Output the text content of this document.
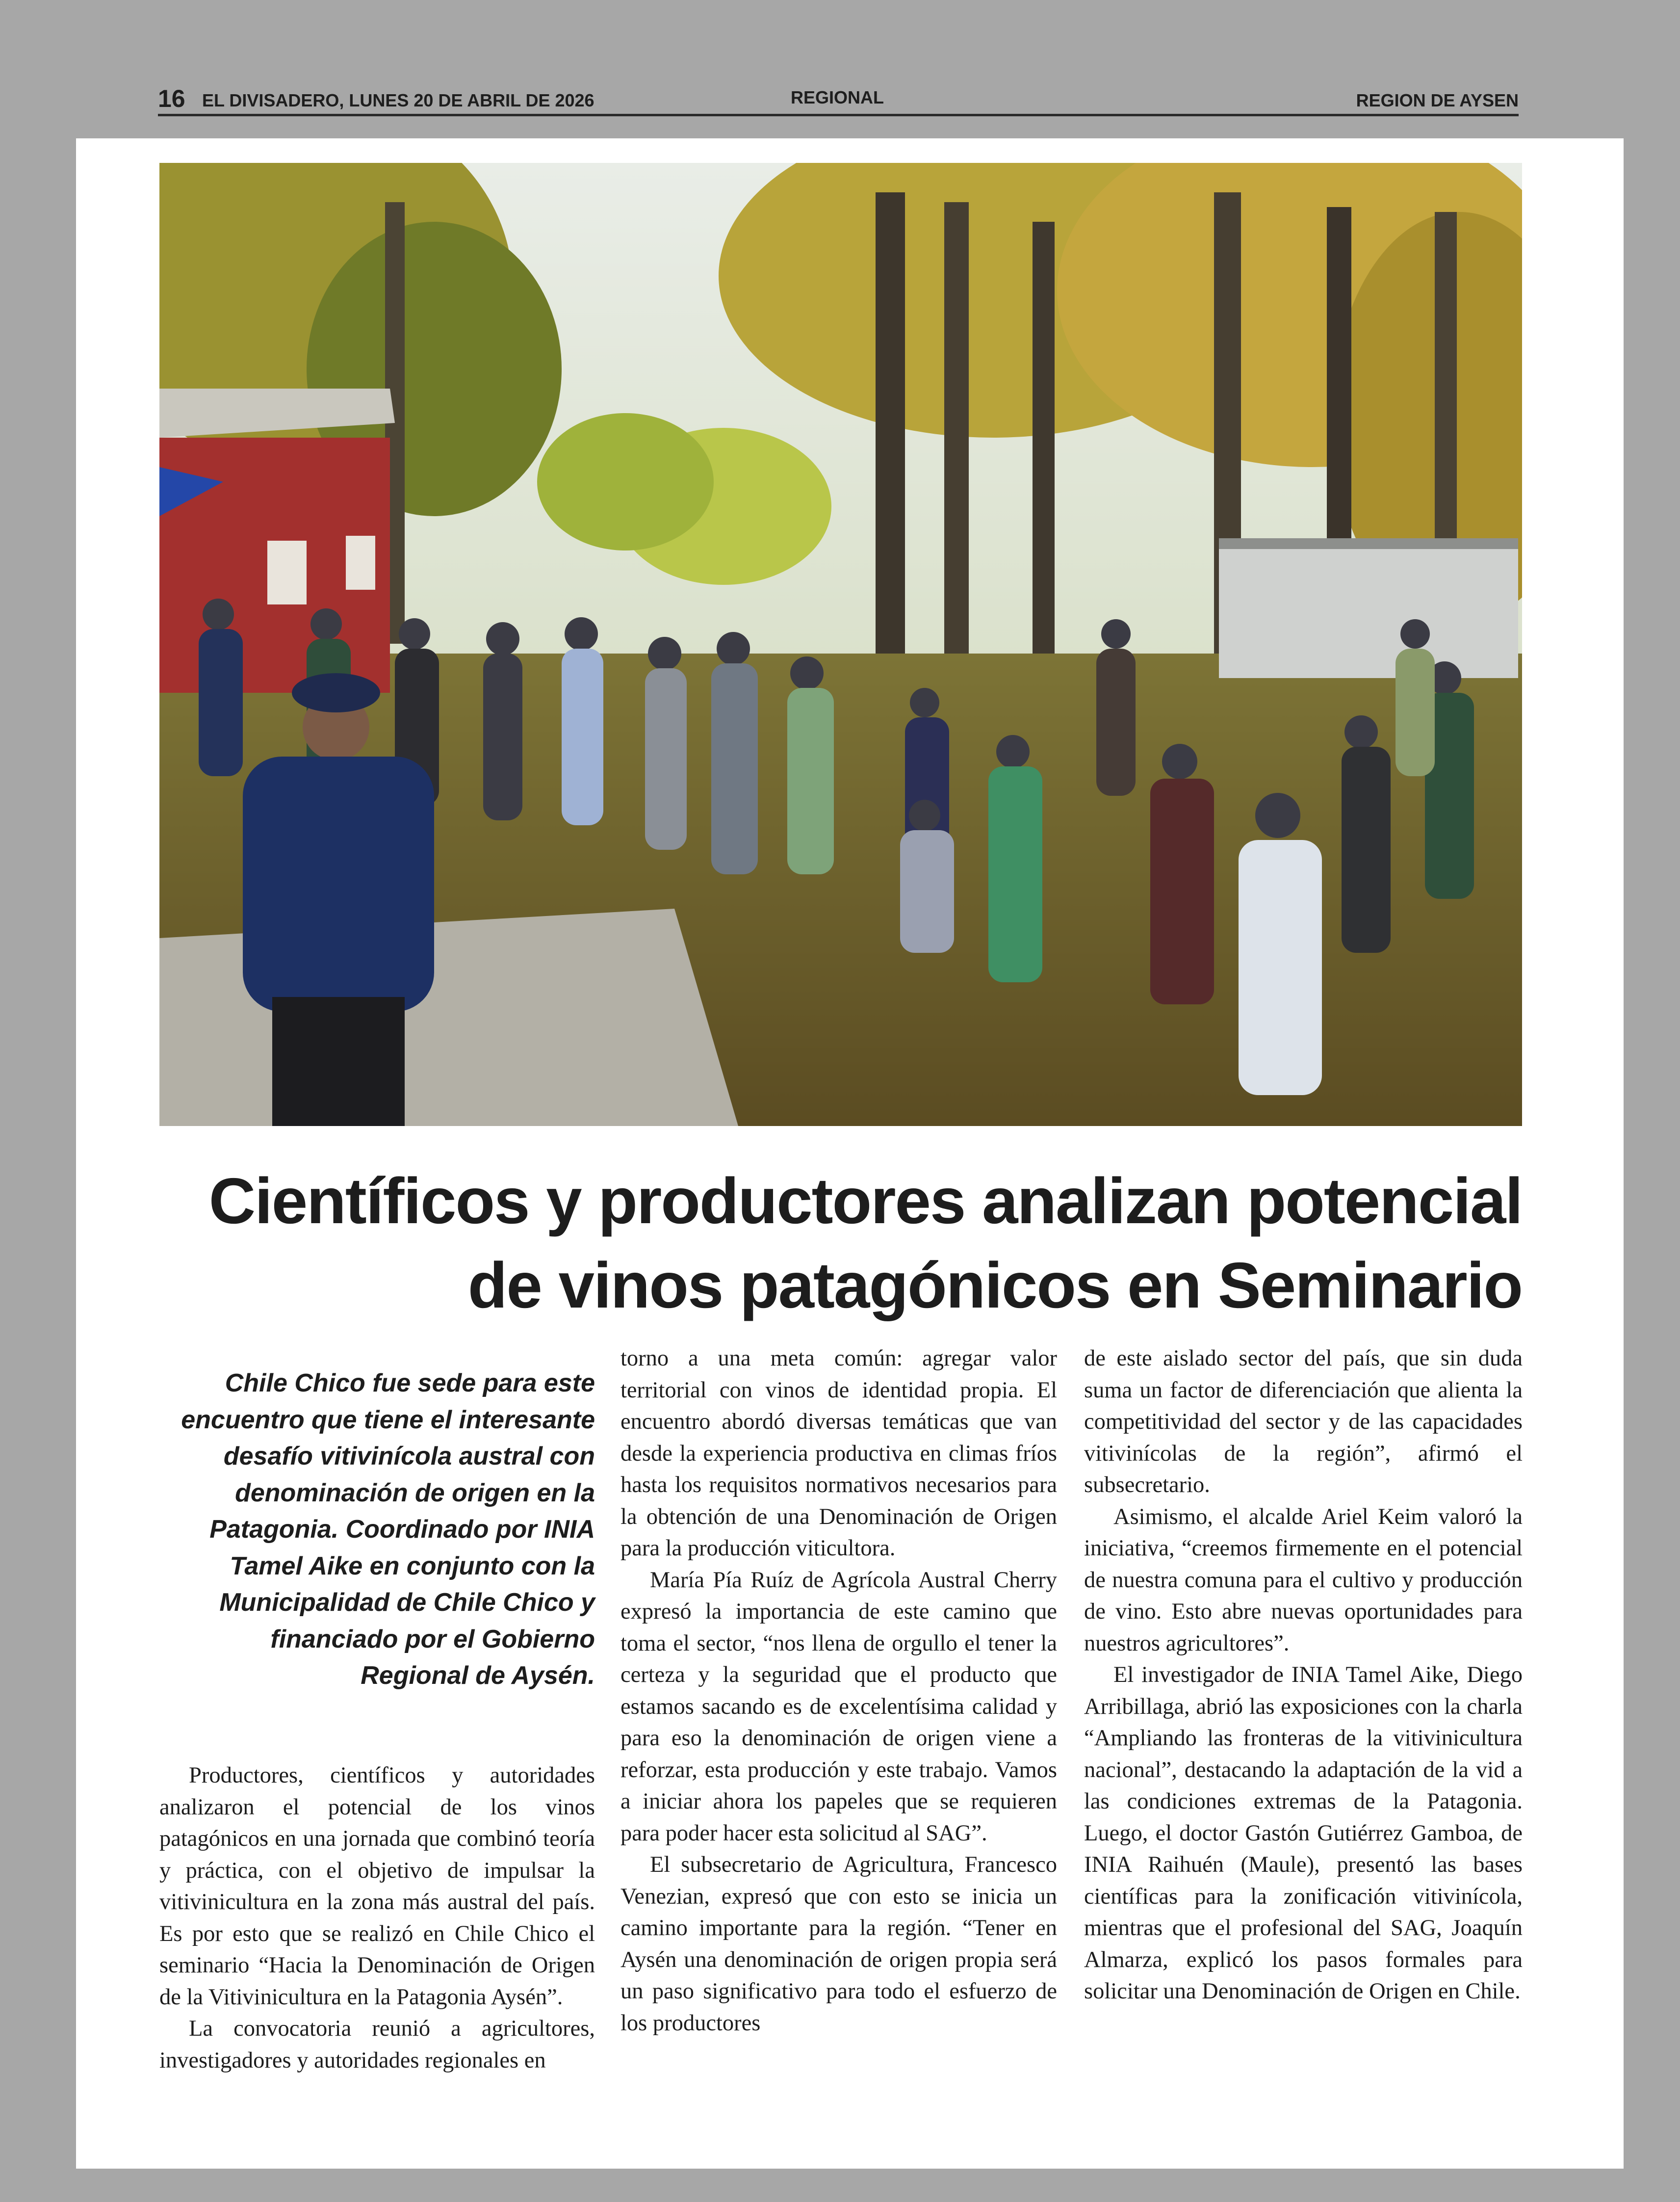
16 EL DIVISADERO, LUNES 20 DE ABRIL DE 2026	REGIONAL	REGION DE AYSEN
Científicos y productores analizan potencial
de vinos patagónicos en Seminario
Chile Chico fue sede para este encuentro que tiene el interesante desafío vitivinícola austral con denominación de origen en la Patagonia. Coordinado por INIA Tamel Aike en conjunto con la Municipalidad de Chile Chico y financiado por el Gobierno Regional de Aysén.

Productores, científicos y autoridades analizaron el potencial de los vinos patagónicos en una jornada que combinó teoría y práctica, con el objetivo de impulsar la vitivinicultura en la zona más austral del país. Es por esto que se realizó en Chile Chico el seminario “Hacia la Denominación de Origen de la Vitivinicultura en la Patagonia Aysén”.

La convocatoria reunió a agricultores, investigadores y autoridades regionales en

torno a una meta común: agregar valor territorial con vinos de identidad propia. El encuentro abordó diversas temáticas que van desde la experiencia productiva en climas fríos hasta los requisitos normativos necesarios para la obtención de una Denominación de Origen para la producción viticultora.

María Pía Ruíz de Agrícola Austral Cherry expresó la importancia de este camino que toma el sector, “nos llena de orgullo el tener la certeza y la seguridad que el producto que estamos sacando es de excelentísima calidad y para eso la denominación de origen viene a reforzar, esta producción y este trabajo. Vamos a iniciar ahora los papeles que se requieren para poder hacer esta solicitud al SAG”.

El subsecretario de Agricultura, Francesco Venezian, expresó que con esto se inicia un camino importante para la región. “Tener en Aysén una denominación de origen propia será un paso significativo para todo el esfuerzo de los productores

de este aislado sector del país, que sin duda suma un factor de diferenciación que alienta la competitividad del sector y de las capacidades vitivinícolas de la región”, afirmó el subsecretario.

Asimismo, el alcalde Ariel Keim valoró la iniciativa, “creemos firmemente en el potencial de nuestra comuna para el cultivo y producción de vino. Esto abre nuevas oportunidades para nuestros agricultores”.

El investigador de INIA Tamel Aike, Diego Arribillaga, abrió las exposiciones con la charla “Ampliando las fronteras de la vitivinicultura nacional”, destacando la adaptación de la vid a las condiciones extremas de la Patagonia. Luego, el doctor Gastón Gutiérrez Gamboa, de INIA Raihuén (Maule), presentó las bases científicas para la zonificación vitivinícola, mientras que el profesional del SAG, Joaquín Almarza, explicó los pasos formales para solicitar una Denominación de Origen en Chile.
